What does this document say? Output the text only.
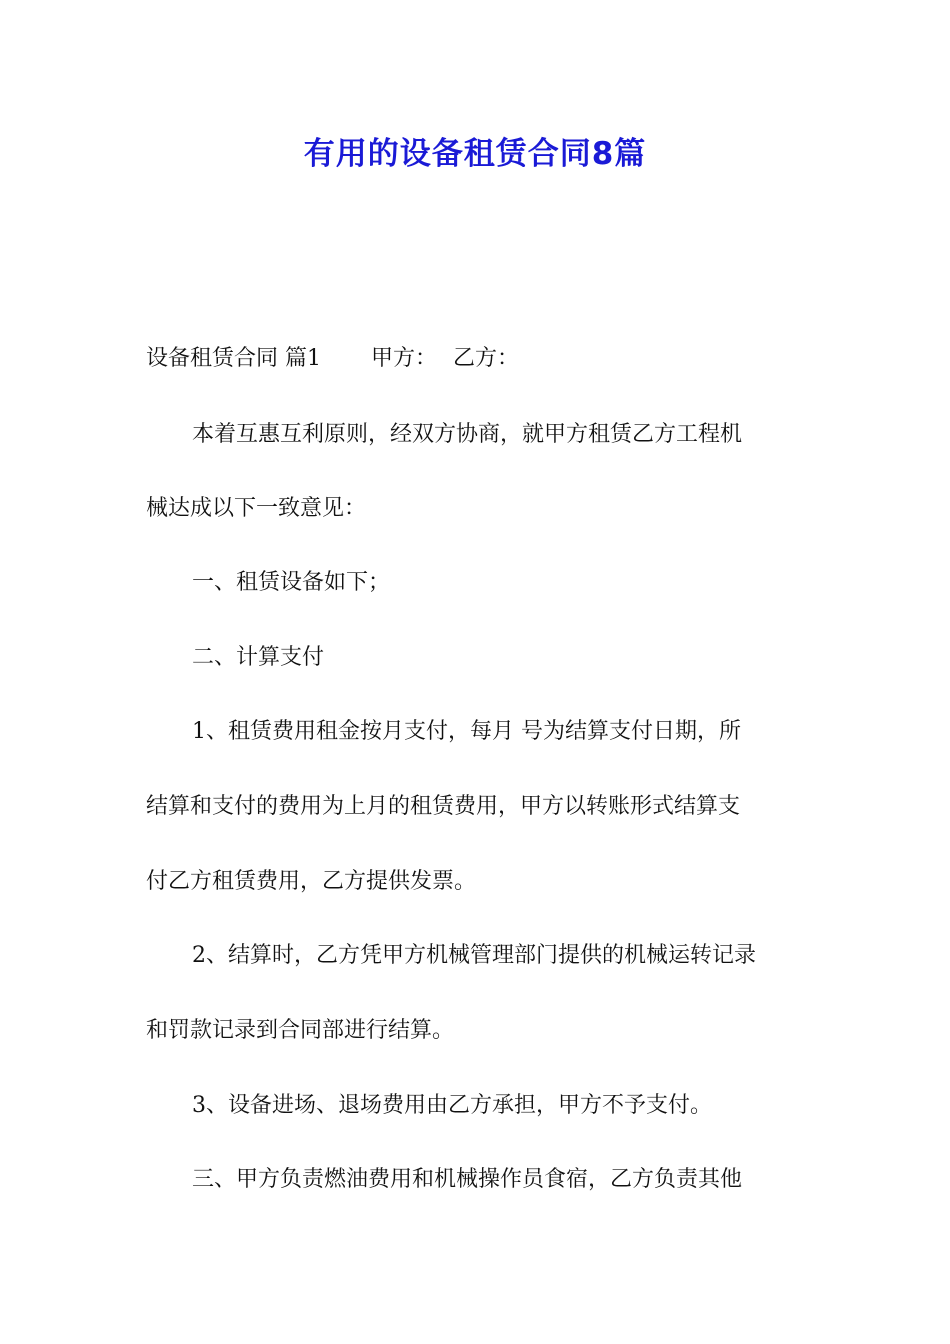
有用的设备租赁合同8篇
设备租赁合同 篇1 甲方： 乙方：
本着互惠互利原则，经双方协商，就甲方租赁乙方工程机
械达成以下一致意见：
一、租赁设备如下；
二、计算支付
1、租赁费用租金按月支付，每月 号为结算支付日期，所
结算和支付的费用为上月的租赁费用，甲方以转账形式结算支
付乙方租赁费用，乙方提供发票。
2、结算时，乙方凭甲方机械管理部门提供的机械运转记录
和罚款记录到合同部进行结算。
3、设备进场、退场费用由乙方承担，甲方不予支付。
三、甲方负责燃油费用和机械操作员食宿，乙方负责其他
